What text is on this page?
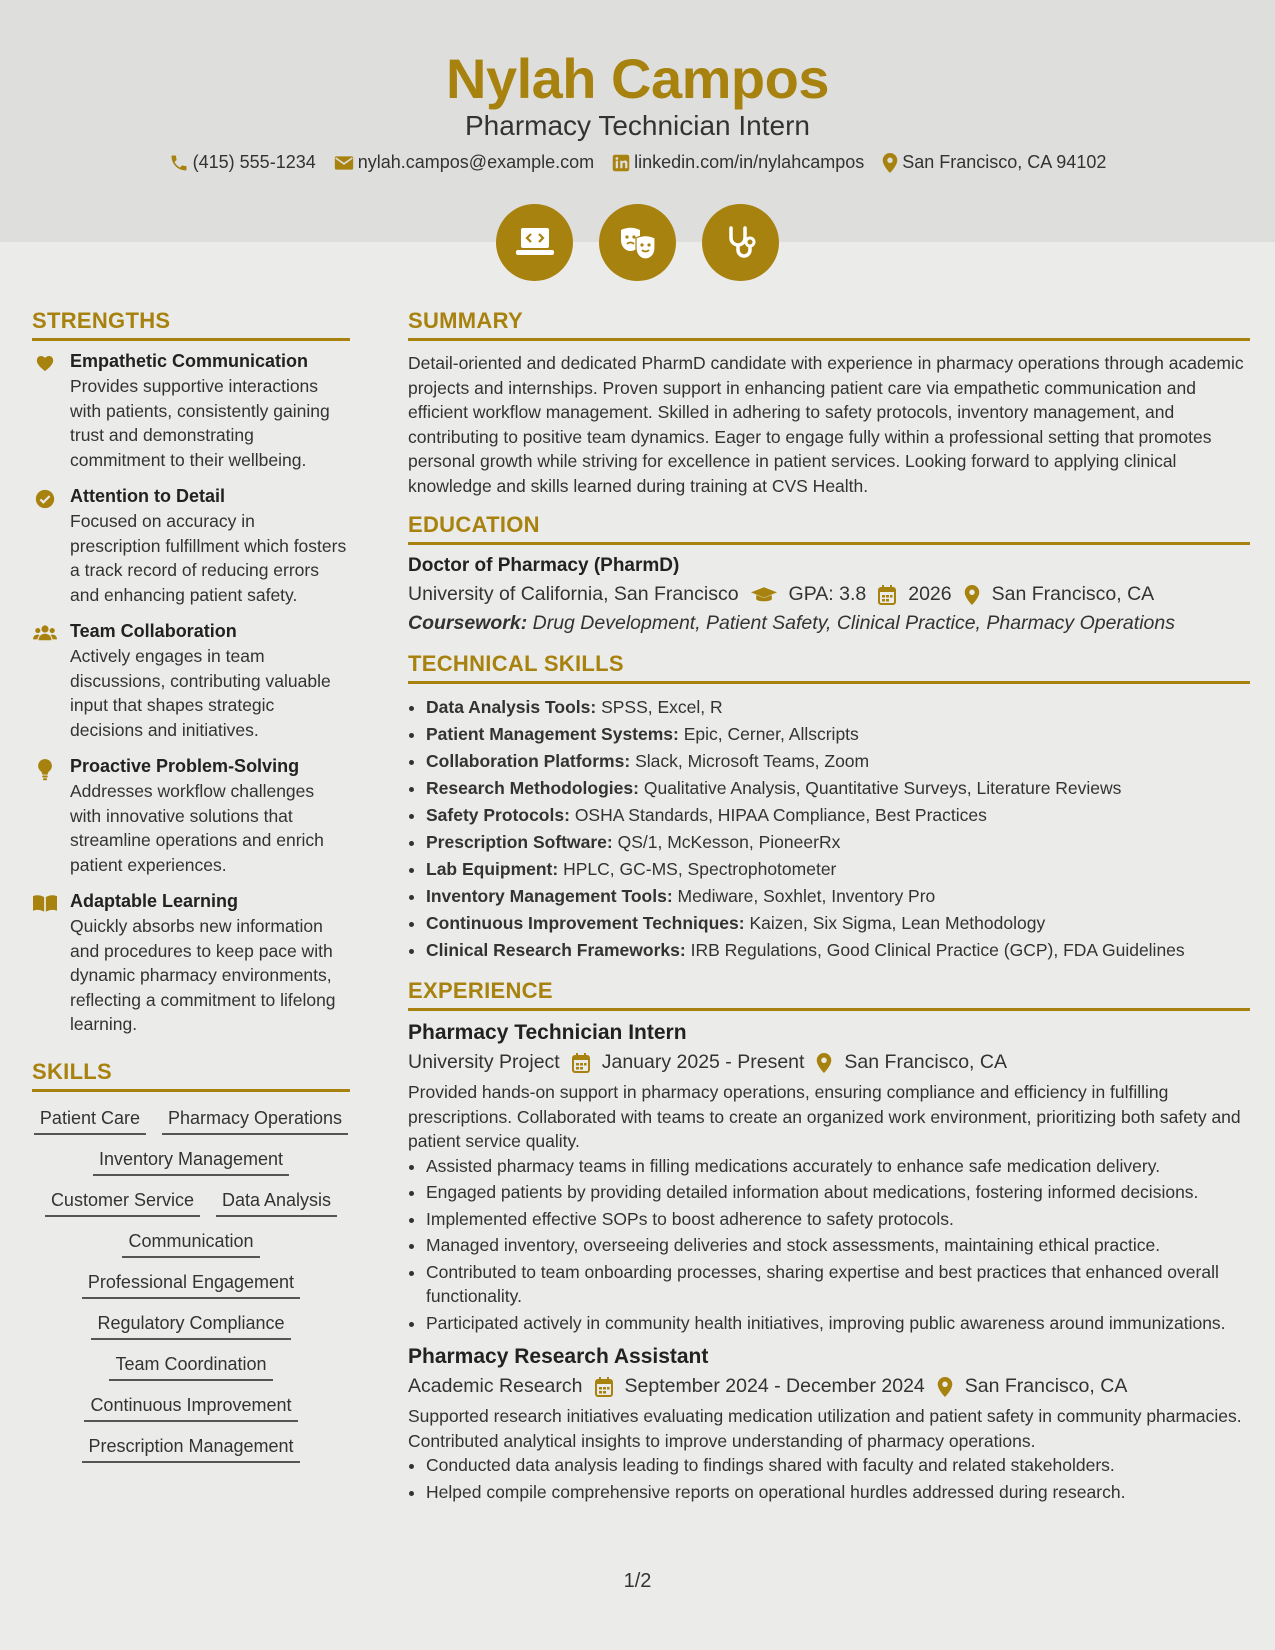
Nylah Campos
Pharmacy Technician Intern
(415) 555-1234 nylah.campos@example.com linkedin.com/in/nylahcampos San Francisco, CA 94102
STRENGTHS
Empathetic Communication
Provides supportive interactions with patients, consistently gaining trust and demonstrating commitment to their wellbeing.
Attention to Detail
Focused on accuracy in prescription fulfillment which fosters a track record of reducing errors and enhancing patient safety.
Team Collaboration
Actively engages in team discussions, contributing valuable input that shapes strategic decisions and initiatives.
Proactive Problem-Solving
Addresses workflow challenges with innovative solutions that streamline operations and enrich patient experiences.
Adaptable Learning
Quickly absorbs new information and procedures to keep pace with dynamic pharmacy environments, reflecting a commitment to lifelong learning.
SKILLS
Patient Care	Pharmacy Operations
Inventory Management
Customer Service	Data Analysis
Communication
Professional Engagement
Regulatory Compliance
Team Coordination
Continuous Improvement
Prescription Management
SUMMARY

Detail-oriented and dedicated PharmD candidate with experience in pharmacy operations through academic projects and internships. Proven support in enhancing patient care via empathetic communication and efficient workflow management. Skilled in adhering to safety protocols, inventory management, and contributing to positive team dynamics. Eager to engage fully within a professional setting that promotes personal growth while striving for excellence in patient services. Looking forward to applying clinical knowledge and skills learned during training at CVS Health.

EDUCATION
Doctor of Pharmacy (PharmD)
University of California, San Francisco	GPA: 3.8 2026 San Francisco, CA
Coursework: Drug Development, Patient Safety, Clinical Practice, Pharmacy Operations
TECHNICAL SKILLS
• Data Analysis Tools: SPSS, Excel, R
• Patient Management Systems: Epic, Cerner, Allscripts
• Collaboration Platforms: Slack, Microsoft Teams, Zoom
• Research Methodologies: Qualitative Analysis, Quantitative Surveys, Literature Reviews
• Safety Protocols: OSHA Standards, HIPAA Compliance, Best Practices
• Prescription Software: QS/1, McKesson, PioneerRx
• Lab Equipment: HPLC, GC-MS, Spectrophotometer
• Inventory Management Tools: Mediware, Soxhlet, Inventory Pro
• Continuous Improvement Techniques: Kaizen, Six Sigma, Lean Methodology
• Clinical Research Frameworks: IRB Regulations, Good Clinical Practice (GCP), FDA Guidelines
EXPERIENCE
Pharmacy Technician Intern
University Project January 2025 - Present San Francisco, CA

Provided hands-on support in pharmacy operations, ensuring compliance and efficiency in fulfilling prescriptions. Collaborated with teams to create an organized work environment, prioritizing both safety and patient service quality.

• Assisted pharmacy teams in filling medications accurately to enhance safe medication delivery.
• Engaged patients by providing detailed information about medications, fostering informed decisions.
• Implemented effective SOPs to boost adherence to safety protocols.
• Managed inventory, overseeing deliveries and stock assessments, maintaining ethical practice.
• Contributed to team onboarding processes, sharing expertise and best practices that enhanced overall functionality.
• Participated actively in community health initiatives, improving public awareness around immunizations.
Pharmacy Research Assistant
Academic Research September 2024 - December 2024 San Francisco, CA

Supported research initiatives evaluating medication utilization and patient safety in community pharmacies. Contributed analytical insights to improve understanding of pharmacy operations.

• Conducted data analysis leading to findings shared with faculty and related stakeholders.
• Helped compile comprehensive reports on operational hurdles addressed during research.
1/2
